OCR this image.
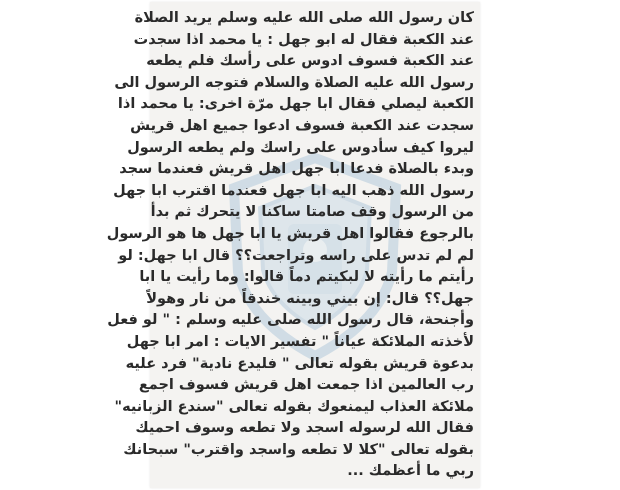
كان رسول الله صلى الله عليه وسلم يريد الصلاة
عند الكعبة فقال له ابو جهل : يا محمد اذا سجدت
عند الكعبة فسوف ادوس على رأسك فلم يطعه
رسول الله عليه الصلاة والسلام فتوجه الرسول الى
الكعبة ليصلي فقال ابا جهل مرّة اخرى: يا محمد اذا
سجدت عند الكعبة فسوف ادعوا جميع اهل قريش
ليروا كيف سأدوس على راسك ولم يطعه الرسول
وبدء بالصلاة فدعا ابا جهل اهل قريش فعندما سجد
رسول الله ذهب اليه ابا جهل فعندما اقترب ابا جهل
من الرسول وقف صامتا ساكنا لا يتحرك ثم بدأ
بالرجوع فقالوا اهل قريش يا ابا جهل ها هو الرسول
لم لم تدس على راسه وتراجعت؟؟ قال ابا جهل: لو
رأيتم ما رأيته لا لبكيتم دماً قالوا: وما رأيت يا ابا
جهل؟؟ قال: إن بيني وبينه خندقاً من نار وهولاً
وأجنحة، قال رسول الله صلى عليه وسلم : " لو فعل
لأخذته الملائكة عياناً " تفسير الايات : امر ابا جهل
بدعوة قريش بقوله تعالى " فليدع نادية" فرد عليه
رب العالمين اذا جمعت اهل قريش فسوف اجمع
ملائكة العذاب ليمنعوك بقوله تعالى "سندع الزبانيه"
فقال الله لرسوله اسجد ولا تطعه وسوف احميك
بقوله تعالى "كلا لا تطعه واسجد واقترب" سبحانك
ربي ما أعظمك ...
